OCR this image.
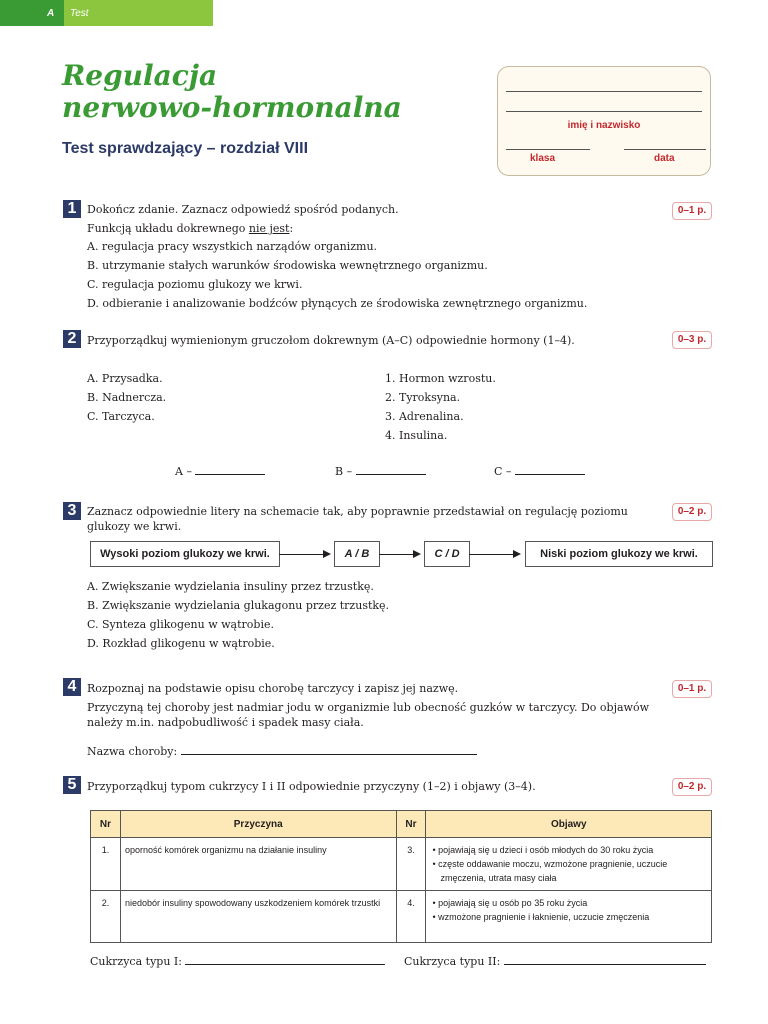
A Test
Regulacja
nerwowo-hormonalna
Test sprawdzający – rozdział VIII
imię i nazwisko
klasa	data
1	0–1 p.
Dokończ zdanie. Zaznacz odpowiedź spośród podanych.
Funkcją układu dokrewnego nie jest:
A. regulacja pracy wszystkich narządów organizmu.
B. utrzymanie stałych warunków środowiska wewnętrznego organizmu.
C. regulacja poziomu glukozy we krwi.
D. odbieranie i analizowanie bodźców płynących ze środowiska zewnętrznego organizmu.
2	0–3 p.
Przyporządkuj wymienionym gruczołom dokrewnym (A–C) odpowiednie hormony (1–4).
A. Przysadka.
B. Nadnercza.
C. Tarczyca.
1. Hormon wzrostu.
2. Tyroksyna.
3. Adrenalina.
4. Insulina.
A –	B –	C –
3	0–2 p.
Zaznacz odpowiednie litery na schemacie tak, aby poprawnie przedstawiał on regulację poziomu
glukozy we krwi.
Wysoki poziom glukozy we krwi.	A / B	C / D	Niski poziom glukozy we krwi.
A. Zwiększanie wydzielania insuliny przez trzustkę.
B. Zwiększanie wydzielania glukagonu przez trzustkę.
C. Synteza glikogenu w wątrobie.
D. Rozkład glikogenu w wątrobie.
4	0–1 p.
Rozpoznaj na podstawie opisu chorobę tarczycy i zapisz jej nazwę.
Przyczyną tej choroby jest nadmiar jodu w organizmie lub obecność guzków w tarczycy. Do objawów
należy m.in. nadpobudliwość i spadek masy ciała.
Nazwa choroby:
5	0–2 p.
Przyporządkuj typom cukrzycy I i II odpowiednie przyczyny (1–2) i objawy (3–4).
Nr	Przyczyna	Nr	Objawy
1.	oporność komórek organizmu na działanie insuliny	3.	• pojawiają się u dzieci i osób młodych do 30 roku życia
• częste oddawanie moczu, wzmożone pragnienie, uczucie zmęczenia, utrata masy ciała

2.	niedobór insuliny spowodowany uszkodzeniem komórek trzustki	4.	• pojawiają się u osób po 35 roku życia
• wzmożone pragnienie i łaknienie, uczucie zmęczenia
Cukrzyca typu I:	Cukrzyca typu II:
